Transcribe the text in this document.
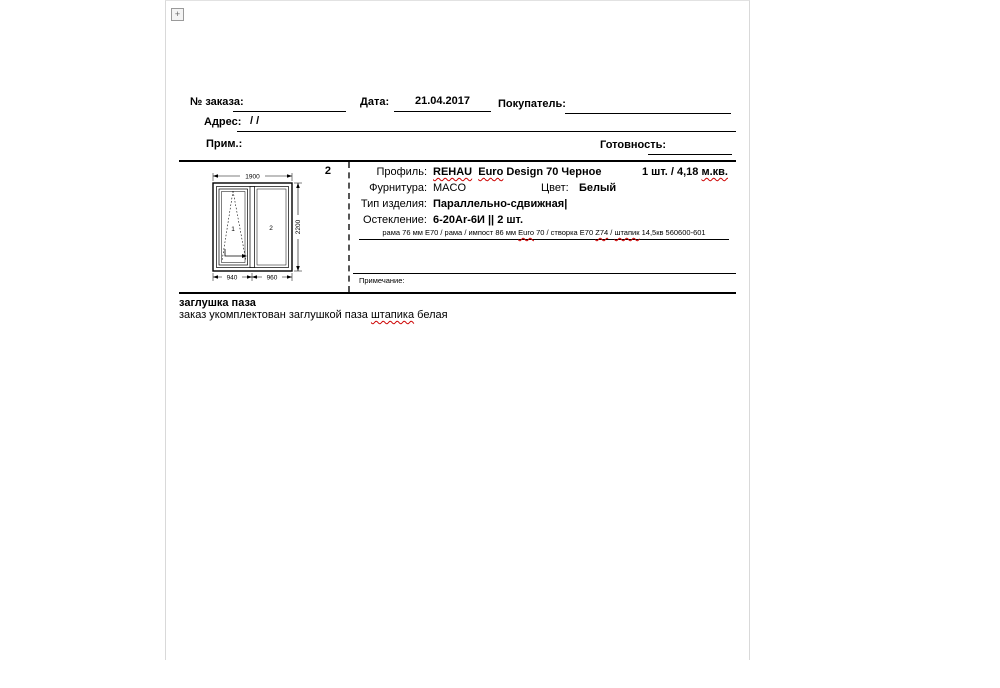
+
№ заказа:	Дата:	21.04.2017	Покупатель:
Адрес: / /
Прим.:	Готовность:
1	2
1900
2200
940	960
2	Профиль: REHAU Euro Design 70 Черное	1 шт. / 4,18 м.кв.
Фурнитура: MACO	Цвет: Белый
Тип изделия: Параллельно-сдвижная|
Остекление: 6-20Ar-6И || 2 шт.
рама 76 мм Е70 / рама / импост 86 мм Euro 70 / створка Е70 Z74 / штапик 14,5кв 560600-601
Примечание:
заглушка паза
заказ укомплектован заглушкой паза штапика белая
